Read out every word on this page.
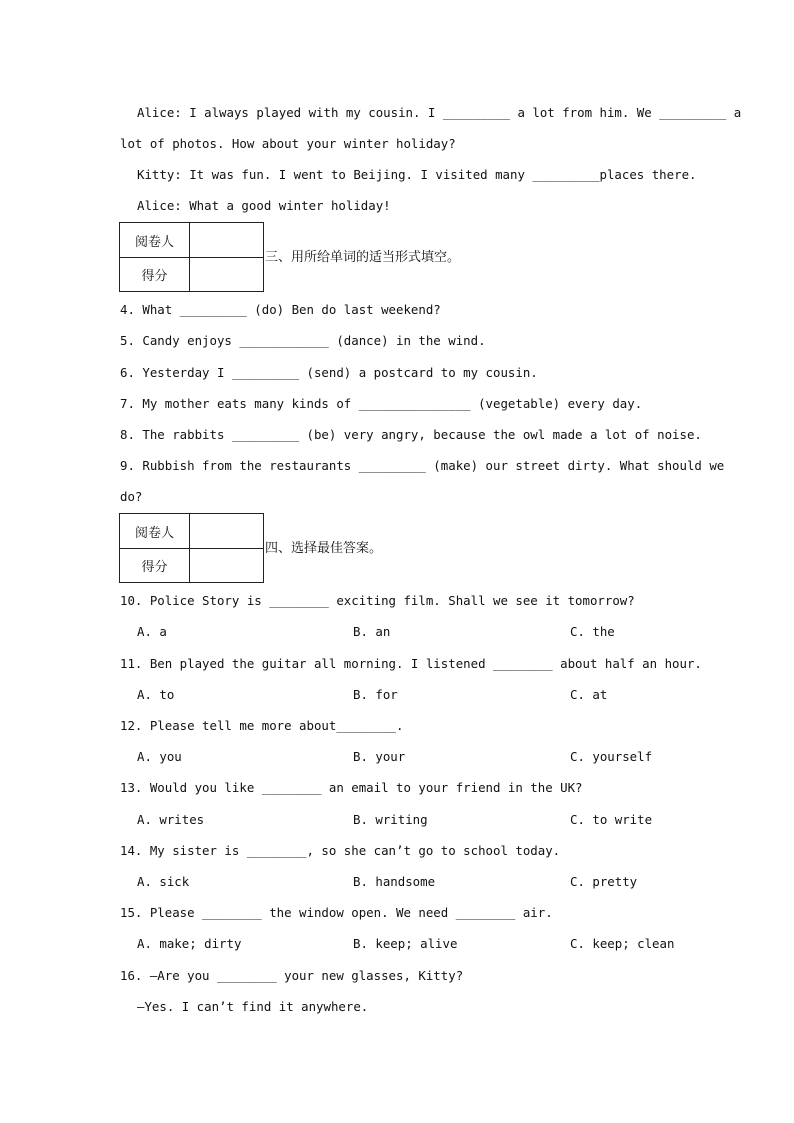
Alice: I always played with my cousin. I _________ a lot from him. We _________ a
lot of photos. How about your winter holiday?
Kitty: It was fun. I went to Beijing. I visited many _________places there.
Alice: What a good winter holiday!
阅卷人
得分
三、用所给单词的适当形式填空。
4. What _________ (do) Ben do last weekend?
5. Candy enjoys ____________ (dance) in the wind.
6. Yesterday I _________ (send) a postcard to my cousin.
7. My mother eats many kinds of _______________ (vegetable) every day.
8. The rabbits _________ (be) very angry, because the owl made a lot of noise.
9. Rubbish from the restaurants _________ (make) our street dirty. What should we
do?
阅卷人
得分
四、选择最佳答案。
10. Police Story is ________ exciting film. Shall we see it tomorrow?
A. a	B. an	C. the
11. Ben played the guitar all morning. I listened ________ about half an hour.
A. to	B. for	C. at
12. Please tell me more about________.
A. you	B. your	C. yourself
13. Would you like ________ an email to your friend in the UK?
A. writes	B. writing	C. to write
14. My sister is ________, so she can’t go to school today.
A. sick	B. handsome	C. pretty
15. Please ________ the window open. We need ________ air.
A. make; dirty	B. keep; alive	C. keep; clean
16. —Are you ________ your new glasses, Kitty?
—Yes. I can’t find it anywhere.
